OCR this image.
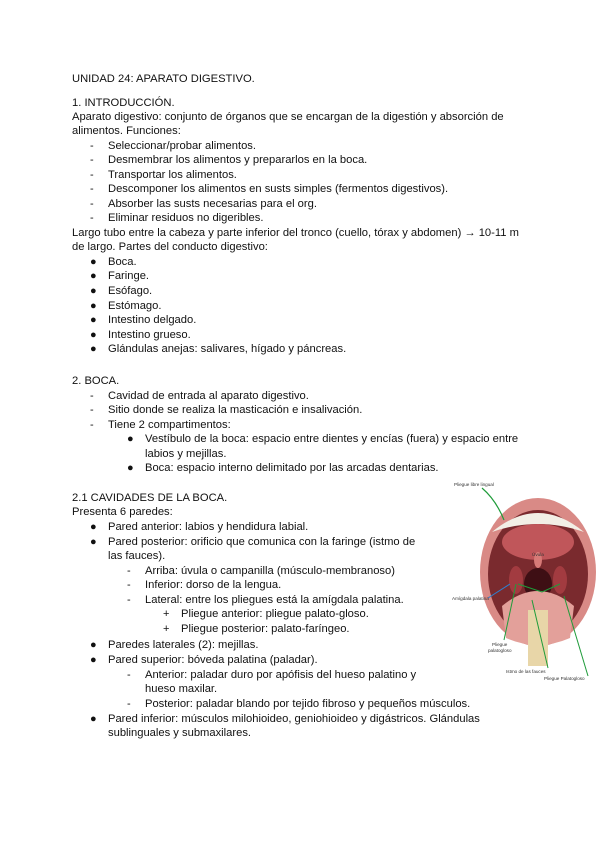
UNIDAD 24: APARATO DIGESTIVO.
1. INTRODUCCIÓN.
Aparato digestivo: conjunto de órganos que se encargan de la digestión y absorción de
alimentos. Funciones:
- Seleccionar/probar alimentos.
- Desmembrar los alimentos y prepararlos en la boca.
- Transportar los alimentos.
- Descomponer los alimentos en susts simples (fermentos digestivos).
- Absorber las susts necesarias para el org.
- Eliminar residuos no digeribles.
Largo tubo entre la cabeza y parte inferior del tronco (cuello, tórax y abdomen) → 10-11 m
de largo. Partes del conducto digestivo:
● Boca.
● Faringe.
● Esófago.
● Estómago.
● Intestino delgado.
● Intestino grueso.
● Glándulas anejas: salivares, hígado y páncreas.
2. BOCA.
- Cavidad de entrada al aparato digestivo.
- Sitio donde se realiza la masticación e insalivación.
- Tiene 2 compartimentos:
● Vestíbulo de la boca: espacio entre dientes y encías (fuera) y espacio entre
labios y mejillas.
● Boca: espacio interno delimitado por las arcadas dentarias.
2.1 CAVIDADES DE LA BOCA.
Presenta 6 paredes:
● Pared anterior: labios y hendidura labial.
● Pared posterior: orificio que comunica con la faringe (istmo de
las fauces).
- Arriba: úvula o campanilla (músculo-membranoso)
- Inferior: dorso de la lengua.
- Lateral: entre los pliegues está la amígdala palatina.
+ Pliegue anterior: pliegue palato-gloso.
+ Pliegue posterior: palato-faríngeo.
● Paredes laterales (2): mejillas.
● Pared superior: bóveda palatina (paladar).
- Anterior: paladar duro por apófisis del hueso palatino y
hueso maxilar.
- Posterior: paladar blando por tejido fibroso y pequeños músculos.
● Pared inferior: músculos milohioideo, geniohioideo y digástricos. Glándulas
sublinguales y submaxilares.
Pliegue libre lingual
Úvula
Amígdala palatina
Pliegue
palatogloso
Istmo de las fauces
Pliegue Palatogloso
